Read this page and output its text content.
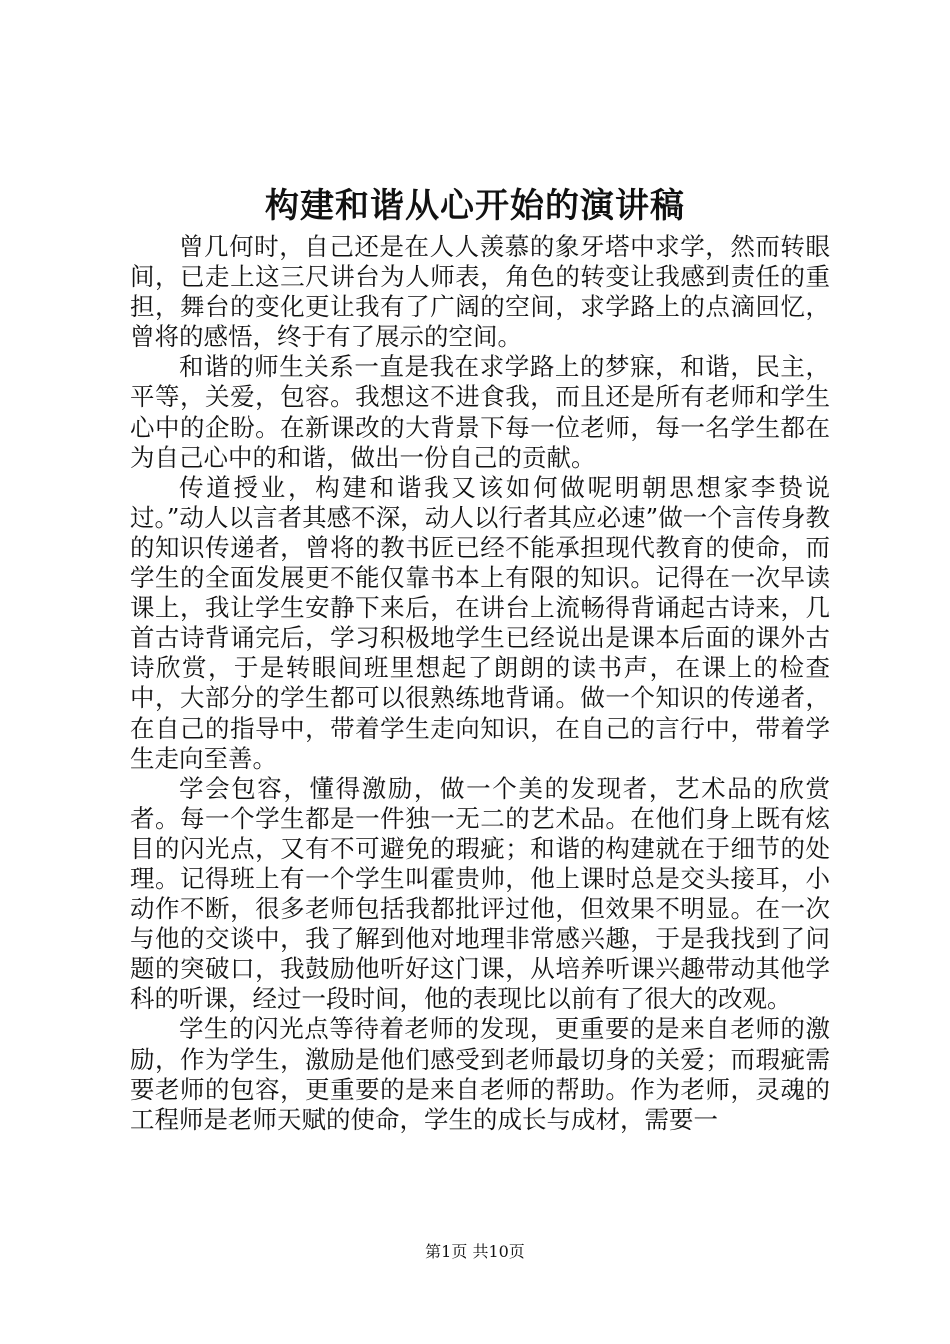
构建和谐从心开始的演讲稿

曾几何时，自己还是在人人羡慕的象牙塔中求学，然而转眼间，已走上这三尺讲台为人师表，角色的转变让我感到责任的重担，舞台的变化更让我有了广阔的空间，求学路上的点滴回忆，曾将的感悟，终于有了展示的空间。

和谐的师生关系一直是我在求学路上的梦寐，和谐，民主，平等，关爱，包容。我想这不进食我，而且还是所有老师和学生心中的企盼。在新课改的大背景下每一位老师，每一名学生都在为自己心中的和谐，做出一份自己的贡献。

传道授业，构建和谐我又该如何做呢明朝思想家李贽说过。”动人以言者其感不深，动人以行者其应必速”做一个言传身教的知识传递者，曾将的教书匠已经不能承担现代教育的使命，而学生的全面发展更不能仅靠书本上有限的知识。记得在一次早读课上，我让学生安静下来后，在讲台上流畅得背诵起古诗来，几首古诗背诵完后，学习积极地学生已经说出是课本后面的课外古诗欣赏，于是转眼间班里想起了朗朗的读书声，在课上的检查中，大部分的学生都可以很熟练地背诵。做一个知识的传递者，在自己的指导中，带着学生走向知识，在自己的言行中，带着学生走向至善。

学会包容，懂得激励，做一个美的发现者，艺术品的欣赏者。每一个学生都是一件独一无二的艺术品。在他们身上既有炫目的闪光点，又有不可避免的瑕疵；和谐的构建就在于细节的处理。记得班上有一个学生叫霍贵帅，他上课时总是交头接耳，小动作不断，很多老师包括我都批评过他，但效果不明显。在一次与他的交谈中，我了解到他对地理非常感兴趣，于是我找到了问题的突破口，我鼓励他听好这门课，从培养听课兴趣带动其他学科的听课，经过一段时间，他的表现比以前有了很大的改观。

学生的闪光点等待着老师的发现，更重要的是来自老师的激励，作为学生，激励是他们感受到老师最切身的关爱；而瑕疵需要老师的包容，更重要的是来自老师的帮助。作为老师，灵魂的工程师是老师天赋的使命，学生的成长与成材，需要一

第1页 共10页
